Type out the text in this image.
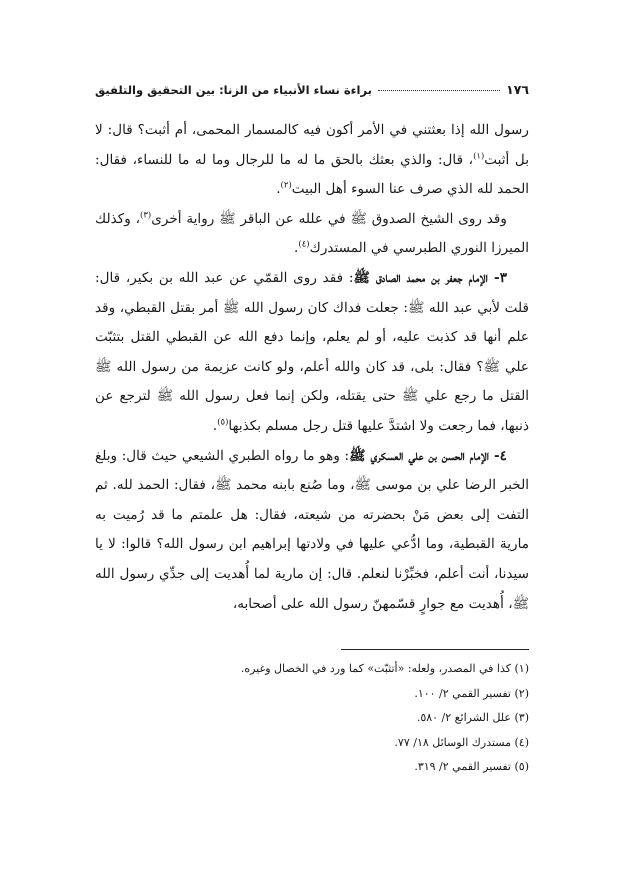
١٧٦
براءة نساء الأنبياء من الزنا: بين التحقيق والتلفيق

رسول الله إذا بعثتني في الأمر أكون فيه كالمسمار المحمى، أم أثبت؟ قال: لا بل أثبت$^{(١)}$، قال: والذي بعثك بالحق ما له ما للرجال وما له ما للنساء، فقال: الحمد لله الذي صرف عنا السوء أهل البيت$^{(٢)}$.

وقد روى الشيخ الصدوق ﷺ في علله عن الباقر ﷺ رواية أخرى$^{(٣)}$، وكذلك الميرزا النوري الطبرسي في المستدرك$^{(٤)}$.

٣- الإمام جعفر بن محمد الصادق ﷺ: فقد روى القمّي عن عبد الله بن بكير، قال: قلت لأبي عبد الله ﷺ: جعلت فداك كان رسول الله ﷺ أمر بقتل القبطي، وقد علم أنها قد كذبت عليه، أو لم يعلم، وإنما دفع الله عن القبطي القتل بتثبّت علي ﷺ؟ فقال: بلى، قد كان والله أعلم، ولو كانت عزيمة من رسول الله ﷺ القتل ما رجع علي ﷺ حتى يقتله، ولكن إنما فعل رسول الله ﷺ لترجع عن ذنبها، فما رجعت ولا اشتدَّ عليها قتل رجل مسلم بكذبها$^{(٥)}$.

٤- الإمام الحسن بن علي العسكري ﷺ: وهو ما رواه الطبري الشيعي حيث قال: وبلغ الخبر الرضا علي بن موسى ﷺ، وما صُنع بابنه محمد ﷺ، فقال: الحمد لله. ثم التفت إلى بعض مَنْ بحضرته من شيعته، فقال: هل علمتم ما قد رُميت به مارية القبطية، وما ادُّعي عليها في ولادتها إبراهيم ابن رسول الله؟ قالوا: لا يا سيدنا، أنت أعلم، فخبِّرْنا لنعلم. قال: إن مارية لما أُهديت إلى جدِّي رسول الله ﷺ، أُهديت مع جوارٍ قسّمهنّ رسول الله على أصحابه،

(١) كذا في المصدر، ولعله: «أتثبّت» كما ورد في الخصال وغيره.
(٢) تفسير القمي ٢/ ١٠٠.
(٣) علل الشرائع ٢/ ٥٨٠.
(٤) مستدرك الوسائل ١٨/ ٧٧.
(٥) تفسير القمي ٢/ ٣١٩.
